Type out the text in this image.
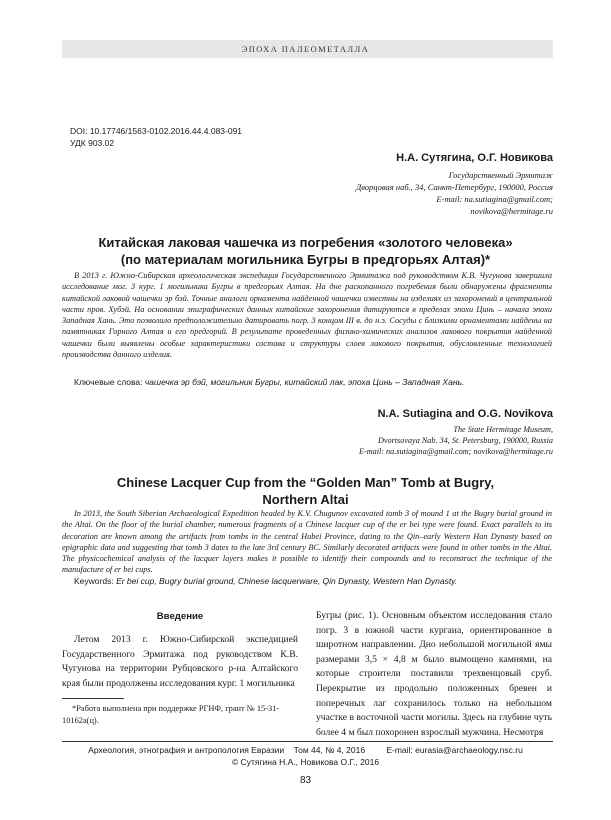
ЭПОХА ПАЛЕОМЕТАЛЛА
DOI: 10.17746/1563-0102.2016.44.4.083-091
УДК 903.02
Н.А. Сутягина, О.Г. Новикова
Государственный Эрмитаж
Дворцовая наб., 34, Санкт-Петербург, 190000, Россия
E-mail: na.sutiagina@gmail.com;
novikova@hermitage.ru
Китайская лаковая чашечка из погребения «золотого человека»
(по материалам могильника Бугры в предгорьях Алтая)*

В 2013 г. Южно-Сибирская археологическая экспедиция Государственного Эрмитажа под руководством К.В. Чугунова завершила исследование мог. 3 кург. 1 могильника Бугры в предгорьях Алтая. На дне раскопанного погребения были обнаружены фрагменты китайской лаковой чашечки эр бэй. Точные аналоги орнамента найденной чашечки известны на изделиях из захоронений в центральной части пров. Хубэй. На основании эпиграфических данных китайские захоронения датируются в пределах эпохи Цинь – начала эпохи Западная Хань. Это позволило предположительно датировать погр. 3 концом III в. до н.э. Сосуды с близкими орнаментами найдены на памятниках Горного Алтая и его предгорий. В результате проведенных физико-химических анализов лакового покрытия найденной чашечки были выявлены особые характеристики состава и структуры слоев лакового покрытия, обусловленные технологией производства данного изделия.

Ключевые слова: чашечка эр бэй, могильник Бугры, китайский лак, эпоха Цинь – Западная Хань.
N.A. Sutiagina and O.G. Novikova
The State Hermitage Museum,
Dvortsovaya Nab. 34, St. Petersburg, 190000, Russia
E-mail: na.sutiagina@gmail.com; novikova@hermitage.ru
Chinese Lacquer Cup from the “Golden Man” Tomb at Bugry,
Northern Altai

In 2013, the South Siberian Archaeological Expedition headed by K.V. Chugunov excavated tomb 3 of mound 1 at the Bugry burial ground in the Altai. On the floor of the burial chamber, numerous fragments of a Chinese lacquer cup of the er bei type were found. Exact parallels to its decoration are known among the artifacts from tombs in the central Hubei Province, dating to the Qin–early Western Han Dynasty based on epigraphic data and suggesting that tomb 3 dates to the late 3rd century BC. Similarly decorated artifacts were found in other tombs in the Altai. The physicochemical analysis of the lacquer layers makes it possible to identify their compounds and to reconstruct the technique of the manufacture of er bei cups.

Keywords: Er bei cup, Bugry burial ground, Chinese lacquerware, Qin Dynasty, Western Han Dynasty.
Введение

Летом 2013 г. Южно-Сибирской экспедицией Государственного Эрмитажа под руководством К.В. Чугунова на территории Рубцовского р-на Алтайского края были продолжены исследования кург. 1 могильника

*Работа выполнена при поддержке РГНФ, грант № 15-31-10162а(ц).

Бугры (рис. 1). Основным объектом исследования стало погр. 3 в южной части кургана, ориентированное в широтном направлении. Дно небольшой могильной ямы размерами 3,5 × 4,8 м было вымощено камнями, на которые строители поставили трехвенцовый сруб. Перекрытие из продольно положенных бревен и поперечных лаг сохранилось только на небольшом участке в восточной части могилы. Здесь на глубине чуть более 4 м был похоронен взрослый мужчина. Несмотря

Археология, этнография и антропология Евразии Том 44, № 4, 2016	E-mail: eurasia@archaeology.nsc.ru
© Сутягина Н.А., Новикова О.Г., 2016
83
